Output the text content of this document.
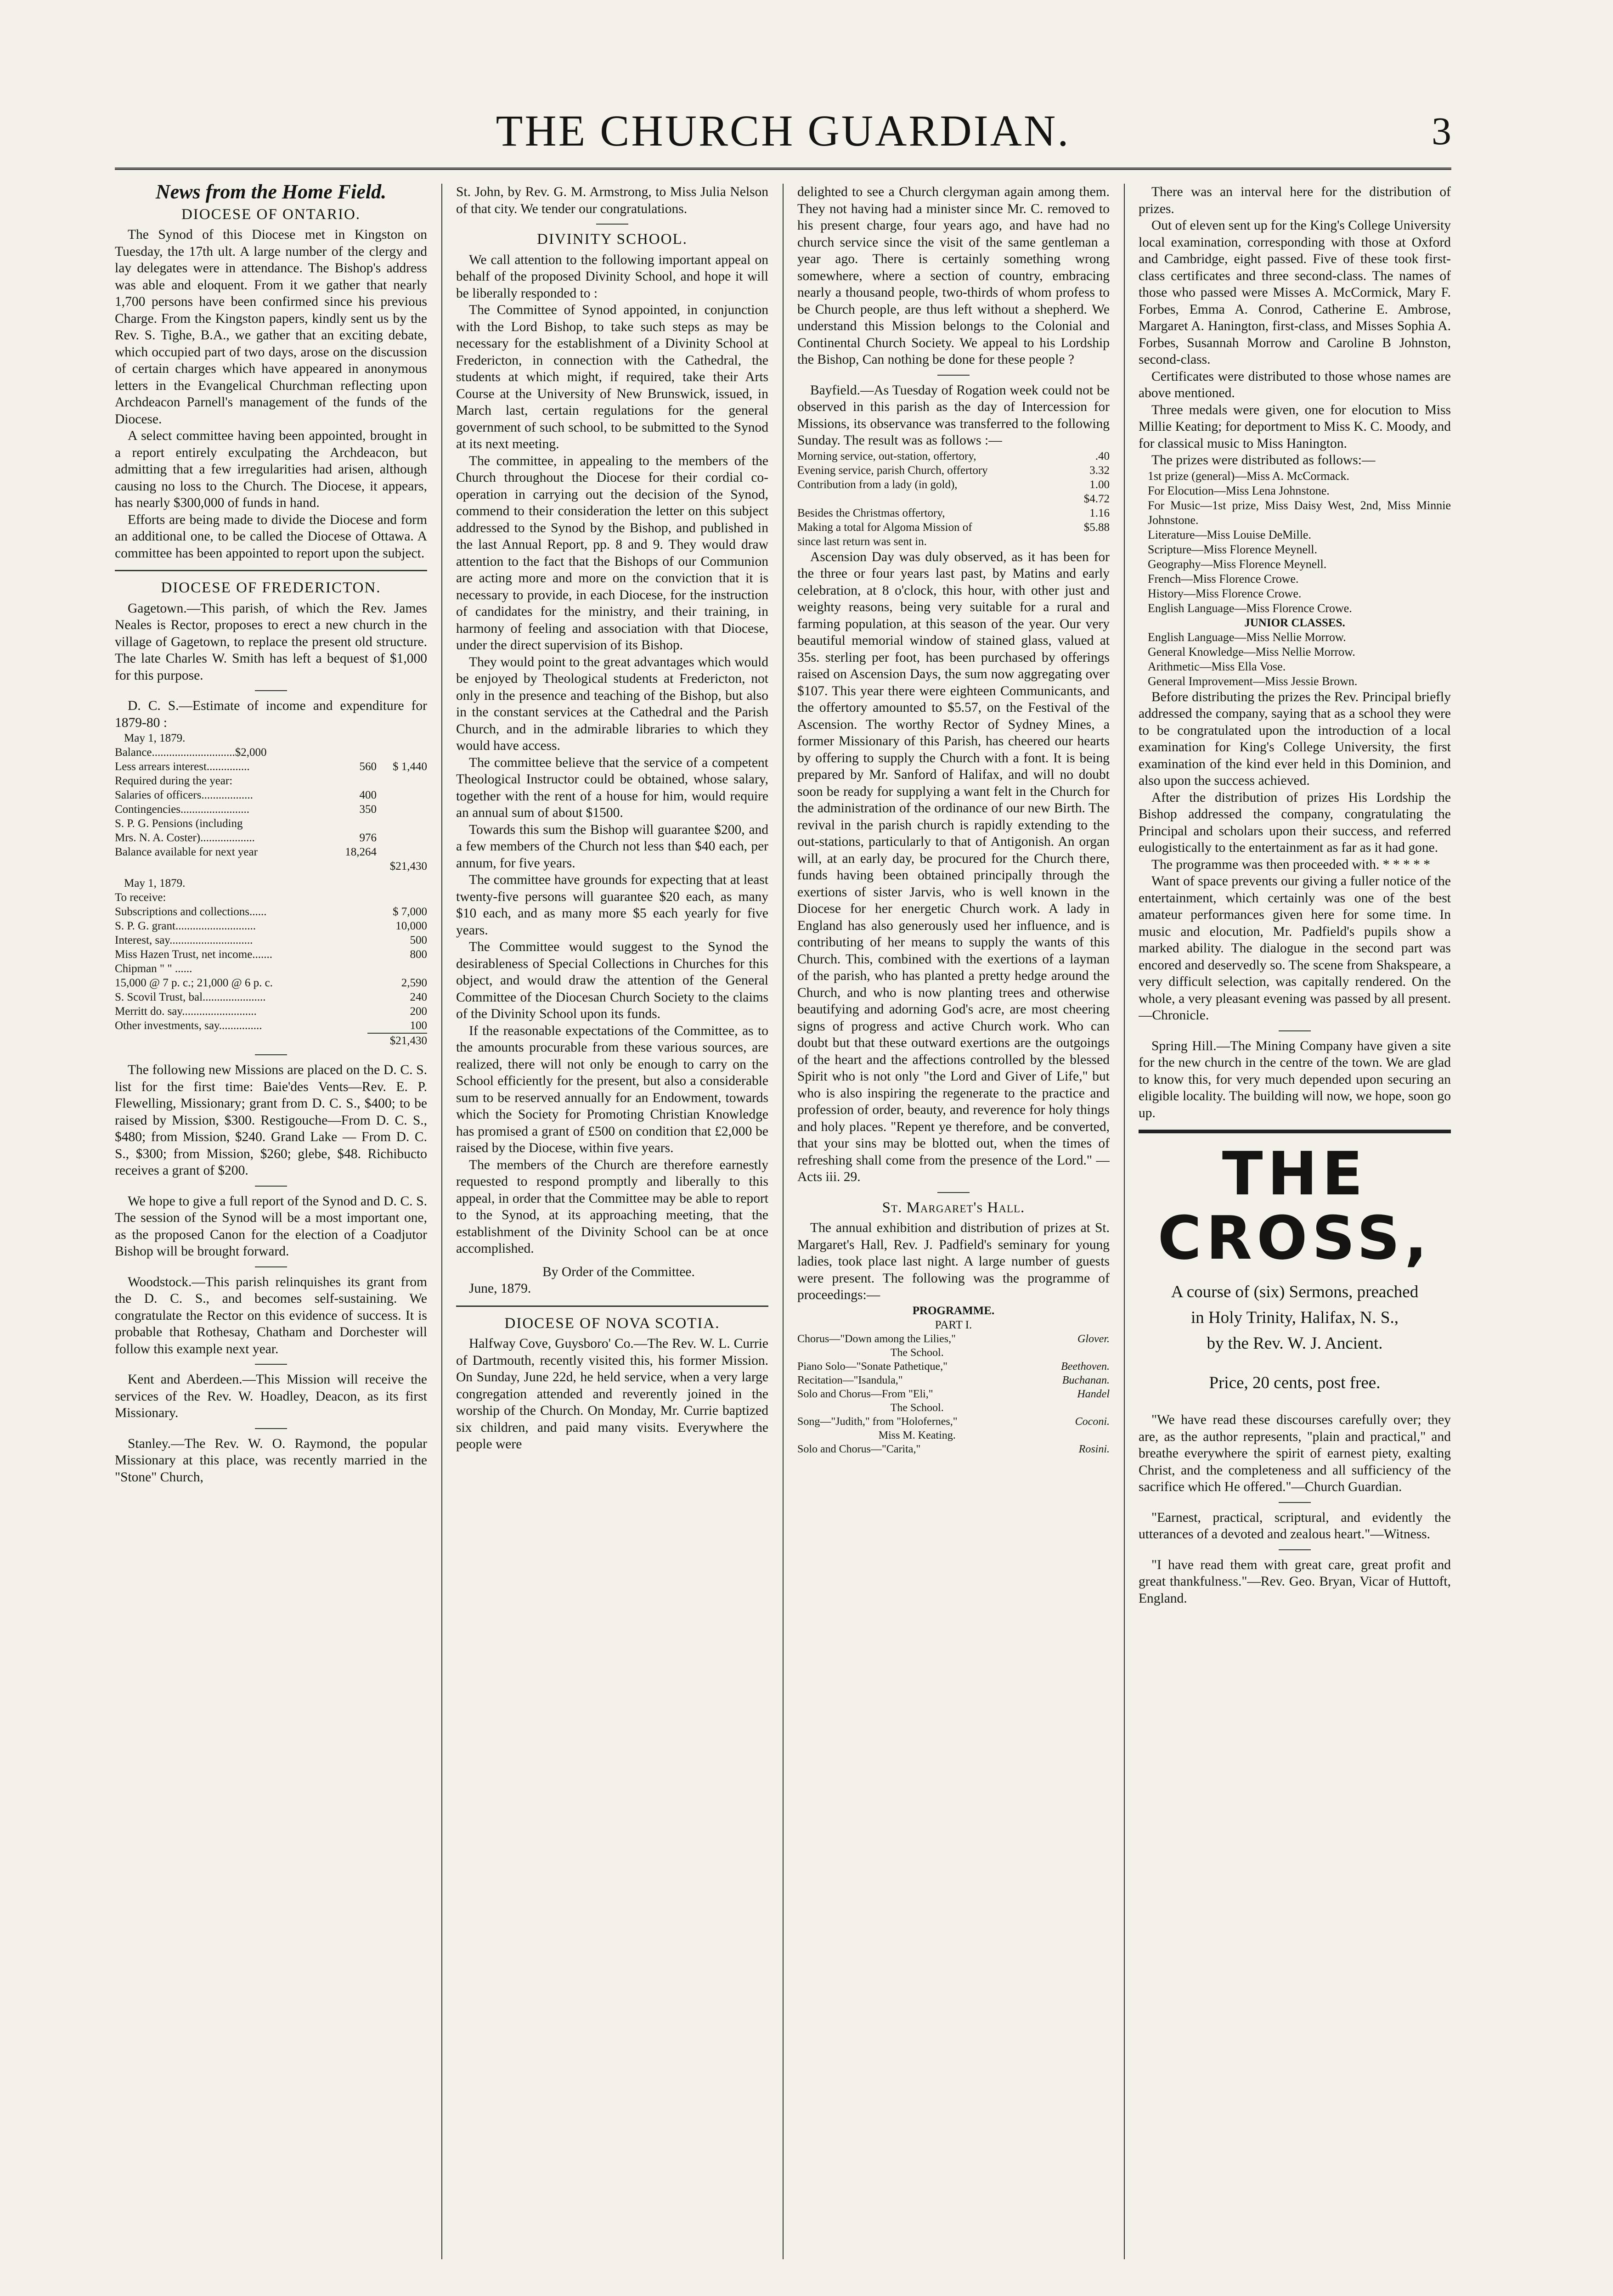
THE CHURCH GUARDIAN.	3
News from the Home Field.
DIOCESE OF ONTARIO.

The Synod of this Diocese met in Kingston on Tuesday, the 17th ult. A large number of the clergy and lay delegates were in attendance. The Bishop's address was able and eloquent. From it we gather that nearly 1,700 persons have been confirmed since his previous Charge. From the Kingston papers, kindly sent us by the Rev. S. Tighe, B.A., we gather that an exciting debate, which occupied part of two days, arose on the discussion of certain charges which have appeared in anonymous letters in the Evangelical Churchman reflecting upon Archdeacon Parnell's management of the funds of the Diocese.

A select committee having been appointed, brought in a report entirely exculpating the Archdeacon, but admitting that a few irregularities had arisen, although causing no loss to the Church. The Diocese, it appears, has nearly $300,000 of funds in hand.

Efforts are being made to divide the Diocese and form an additional one, to be called the Diocese of Ottawa. A committee has been appointed to report upon the subject.

DIOCESE OF FREDERICTON.

Gagetown.—This parish, of which the Rev. James Neales is Rector, proposes to erect a new church in the village of Gagetown, to replace the present old structure. The late Charles W. Smith has left a bequest of $1,000 for this purpose.

D. C. S.—Estimate of income and expenditure for 1879-80 :

May 1, 1879.
Balance.............................$2,000		
Less arrears interest...............	560	$ 1,440
Required during the year:		
Salaries of officers..................	400	
Contingencies........................	350	
S. P. G. Pensions (including		
Mrs. N. A. Coster)...................	976	
Balance available for next year	18,264	
		$21,430
May 1, 1879.
To receive:
Subscriptions and collections......	$ 7,000
S. P. G. grant............................	10,000
Interest, say.............................	500
Miss Hazen Trust, net income.......	800
Chipman " " ......	
15,000 @ 7 p. c.; 21,000 @ 6 p. c.	2,590
S. Scovil Trust, bal......................	240
Merritt do. say..........................	200
Other investments, say...............	100
$21,430

The following new Missions are placed on the D. C. S. list for the first time: Baie'des Vents—Rev. E. P. Flewelling, Missionary; grant from D. C. S., $400; to be raised by Mission, $300. Restigouche—From D. C. S., $480; from Mission, $240. Grand Lake — From D. C. S., $300; from Mission, $260; glebe, $48. Richibucto receives a grant of $200.

We hope to give a full report of the Synod and D. C. S. The session of the Synod will be a most important one, as the proposed Canon for the election of a Coadjutor Bishop will be brought forward.

Woodstock.—This parish relinquishes its grant from the D. C. S., and becomes self-sustaining. We congratulate the Rector on this evidence of success. It is probable that Rothesay, Chatham and Dorchester will follow this example next year.

Kent and Aberdeen.—This Mission will receive the services of the Rev. W. Hoadley, Deacon, as its first Missionary.

Stanley.—The Rev. W. O. Raymond, the popular Missionary at this place, was recently married in the "Stone" Church,

St. John, by Rev. G. M. Armstrong, to Miss Julia Nelson of that city. We tender our congratulations.

DIVINITY SCHOOL.

We call attention to the following important appeal on behalf of the proposed Divinity School, and hope it will be liberally responded to :

The Committee of Synod appointed, in conjunction with the Lord Bishop, to take such steps as may be necessary for the establishment of a Divinity School at Fredericton, in connection with the Cathedral, the students at which might, if required, take their Arts Course at the University of New Brunswick, issued, in March last, certain regulations for the general government of such school, to be submitted to the Synod at its next meeting.

The committee, in appealing to the members of the Church throughout the Diocese for their cordial co-operation in carrying out the decision of the Synod, commend to their consideration the letter on this subject addressed to the Synod by the Bishop, and published in the last Annual Report, pp. 8 and 9. They would draw attention to the fact that the Bishops of our Communion are acting more and more on the conviction that it is necessary to provide, in each Diocese, for the instruction of candidates for the ministry, and their training, in harmony of feeling and association with that Diocese, under the direct supervision of its Bishop.

They would point to the great advantages which would be enjoyed by Theological students at Fredericton, not only in the presence and teaching of the Bishop, but also in the constant services at the Cathedral and the Parish Church, and in the admirable libraries to which they would have access.

The committee believe that the service of a competent Theological Instructor could be obtained, whose salary, together with the rent of a house for him, would require an annual sum of about $1500.

Towards this sum the Bishop will guarantee $200, and a few members of the Church not less than $40 each, per annum, for five years.

The committee have grounds for expecting that at least twenty-five persons will guarantee $20 each, as many $10 each, and as many more $5 each yearly for five years.

The Committee would suggest to the Synod the desirableness of Special Collections in Churches for this object, and would draw the attention of the General Committee of the Diocesan Church Society to the claims of the Divinity School upon its funds.

If the reasonable expectations of the Committee, as to the amounts procurable from these various sources, are realized, there will not only be enough to carry on the School efficiently for the present, but also a considerable sum to be reserved annually for an Endowment, towards which the Society for Promoting Christian Knowledge has promised a grant of £500 on condition that £2,000 be raised by the Diocese, within five years.

The members of the Church are therefore earnestly requested to respond promptly and liberally to this appeal, in order that the Committee may be able to report to the Synod, at its approaching meeting, that the establishment of the Divinity School can be at once accomplished.

By Order of the Committee.

June, 1879.

DIOCESE OF NOVA SCOTIA.

Halfway Cove, Guysboro' Co.—The Rev. W. L. Currie of Dartmouth, recently visited this, his former Mission. On Sunday, June 22d, he held service, when a very large congregation attended and reverently joined in the worship of the Church. On Monday, Mr. Currie baptized six children, and paid many visits. Everywhere the people were

delighted to see a Church clergyman again among them. They not having had a minister since Mr. C. removed to his present charge, four years ago, and have had no church service since the visit of the same gentleman a year ago. There is certainly something wrong somewhere, where a section of country, embracing nearly a thousand people, two-thirds of whom profess to be Church people, are thus left without a shepherd. We understand this Mission belongs to the Colonial and Continental Church Society. We appeal to his Lordship the Bishop, Can nothing be done for these people ?

Bayfield.—As Tuesday of Rogation week could not be observed in this parish as the day of Intercession for Missions, its observance was transferred to the following Sunday. The result was as follows :—

Morning service, out-station, offertory,	.40
Evening service, parish Church, offertory	3.32
Contribution from a lady (in gold),	1.00
	$4.72
Besides the Christmas offertory,	1.16
Making a total for Algoma Mission of	$5.88
since last return was sent in.	

Ascension Day was duly observed, as it has been for the three or four years last past, by Matins and early celebration, at 8 o'clock, this hour, with other just and weighty reasons, being very suitable for a rural and farming population, at this season of the year. Our very beautiful memorial window of stained glass, valued at 35s. sterling per foot, has been purchased by offerings raised on Ascension Days, the sum now aggregating over $107. This year there were eighteen Communicants, and the offertory amounted to $5.57, on the Festival of the Ascension. The worthy Rector of Sydney Mines, a former Missionary of this Parish, has cheered our hearts by offering to supply the Church with a font. It is being prepared by Mr. Sanford of Halifax, and will no doubt soon be ready for supplying a want felt in the Church for the administration of the ordinance of our new Birth. The revival in the parish church is rapidly extending to the out-stations, particularly to that of Antigonish. An organ will, at an early day, be procured for the Church there, funds having been obtained principally through the exertions of sister Jarvis, who is well known in the Diocese for her energetic Church work. A lady in England has also generously used her influence, and is contributing of her means to supply the wants of this Church. This, combined with the exertions of a layman of the parish, who has planted a pretty hedge around the Church, and who is now planting trees and otherwise beautifying and adorning God's acre, are most cheering signs of progress and active Church work. Who can doubt but that these outward exertions are the outgoings of the heart and the affections controlled by the blessed Spirit who is not only "the Lord and Giver of Life," but who is also inspiring the regenerate to the practice and profession of order, beauty, and reverence for holy things and holy places. "Repent ye therefore, and be converted, that your sins may be blotted out, when the times of refreshing shall come from the presence of the Lord." — Acts iii. 29.

St. Margaret's Hall.

The annual exhibition and distribution of prizes at St. Margaret's Hall, Rev. J. Padfield's seminary for young ladies, took place last night. A large number of guests were present. The following was the programme of proceedings:—

PROGRAMME.
PART I.
Chorus—"Down among the Lilies,"	Glover.
The School.	
Piano Solo—"Sonate Pathetique,"	Beethoven.
Recitation—"Isandula,"	Buchanan.
Solo and Chorus—From "Eli,"	Handel
The School.	
Song—"Judith," from "Holofernes,"	Coconi.
Miss M. Keating.	
Solo and Chorus—"Carita,"	Rosini.

There was an interval here for the distribution of prizes.

Out of eleven sent up for the King's College University local examination, corresponding with those at Oxford and Cambridge, eight passed. Five of these took first-class certificates and three second-class. The names of those who passed were Misses A. McCormick, Mary F. Forbes, Emma A. Conrod, Catherine E. Ambrose, Margaret A. Hanington, first-class, and Misses Sophia A. Forbes, Susannah Morrow and Caroline B Johnston, second-class.

Certificates were distributed to those whose names are above mentioned.

Three medals were given, one for elocution to Miss Millie Keating; for deportment to Miss K. C. Moody, and for classical music to Miss Hanington.

The prizes were distributed as follows:—

1st prize (general)—Miss A. McCormack.

For Elocution—Miss Lena Johnstone.

For Music—1st prize, Miss Daisy West, 2nd, Miss Minnie Johnstone.

Literature—Miss Louise DeMille.

Scripture—Miss Florence Meynell.

Geography—Miss Florence Meynell.

French—Miss Florence Crowe.

History—Miss Florence Crowe.

English Language—Miss Florence Crowe.

JUNIOR CLASSES.

English Language—Miss Nellie Morrow.

General Knowledge—Miss Nellie Morrow.

Arithmetic—Miss Ella Vose.

General Improvement—Miss Jessie Brown.

Before distributing the prizes the Rev. Principal briefly addressed the company, saying that as a school they were to be congratulated upon the introduction of a local examination for King's College University, the first examination of the kind ever held in this Dominion, and also upon the success achieved.

After the distribution of prizes His Lordship the Bishop addressed the company, congratulating the Principal and scholars upon their success, and referred eulogistically to the entertainment as far as it had gone.

The programme was then proceeded with. * * * * *

Want of space prevents our giving a fuller notice of the entertainment, which certainly was one of the best amateur performances given here for some time. In music and elocution, Mr. Padfield's pupils show a marked ability. The dialogue in the second part was encored and deservedly so. The scene from Shakspeare, a very difficult selection, was capitally rendered. On the whole, a very pleasant evening was passed by all present.—Chronicle.

Spring Hill.—The Mining Company have given a site for the new church in the centre of the town. We are glad to know this, for very much depended upon securing an eligible locality. The building will now, we hope, soon go up.

THE CROSS,
A course of (six) Sermons, preached
in Holy Trinity, Halifax, N. S.,
by the Rev. W. J. Ancient.
Price, 20 cents, post free.

"We have read these discourses carefully over; they are, as the author represents, "plain and practical," and breathe everywhere the spirit of earnest piety, exalting Christ, and the completeness and all sufficiency of the sacrifice which He offered."—Church Guardian.

"Earnest, practical, scriptural, and evidently the utterances of a devoted and zealous heart."—Witness.

"I have read them with great care, great profit and great thankfulness."—Rev. Geo. Bryan, Vicar of Huttoft, England.
